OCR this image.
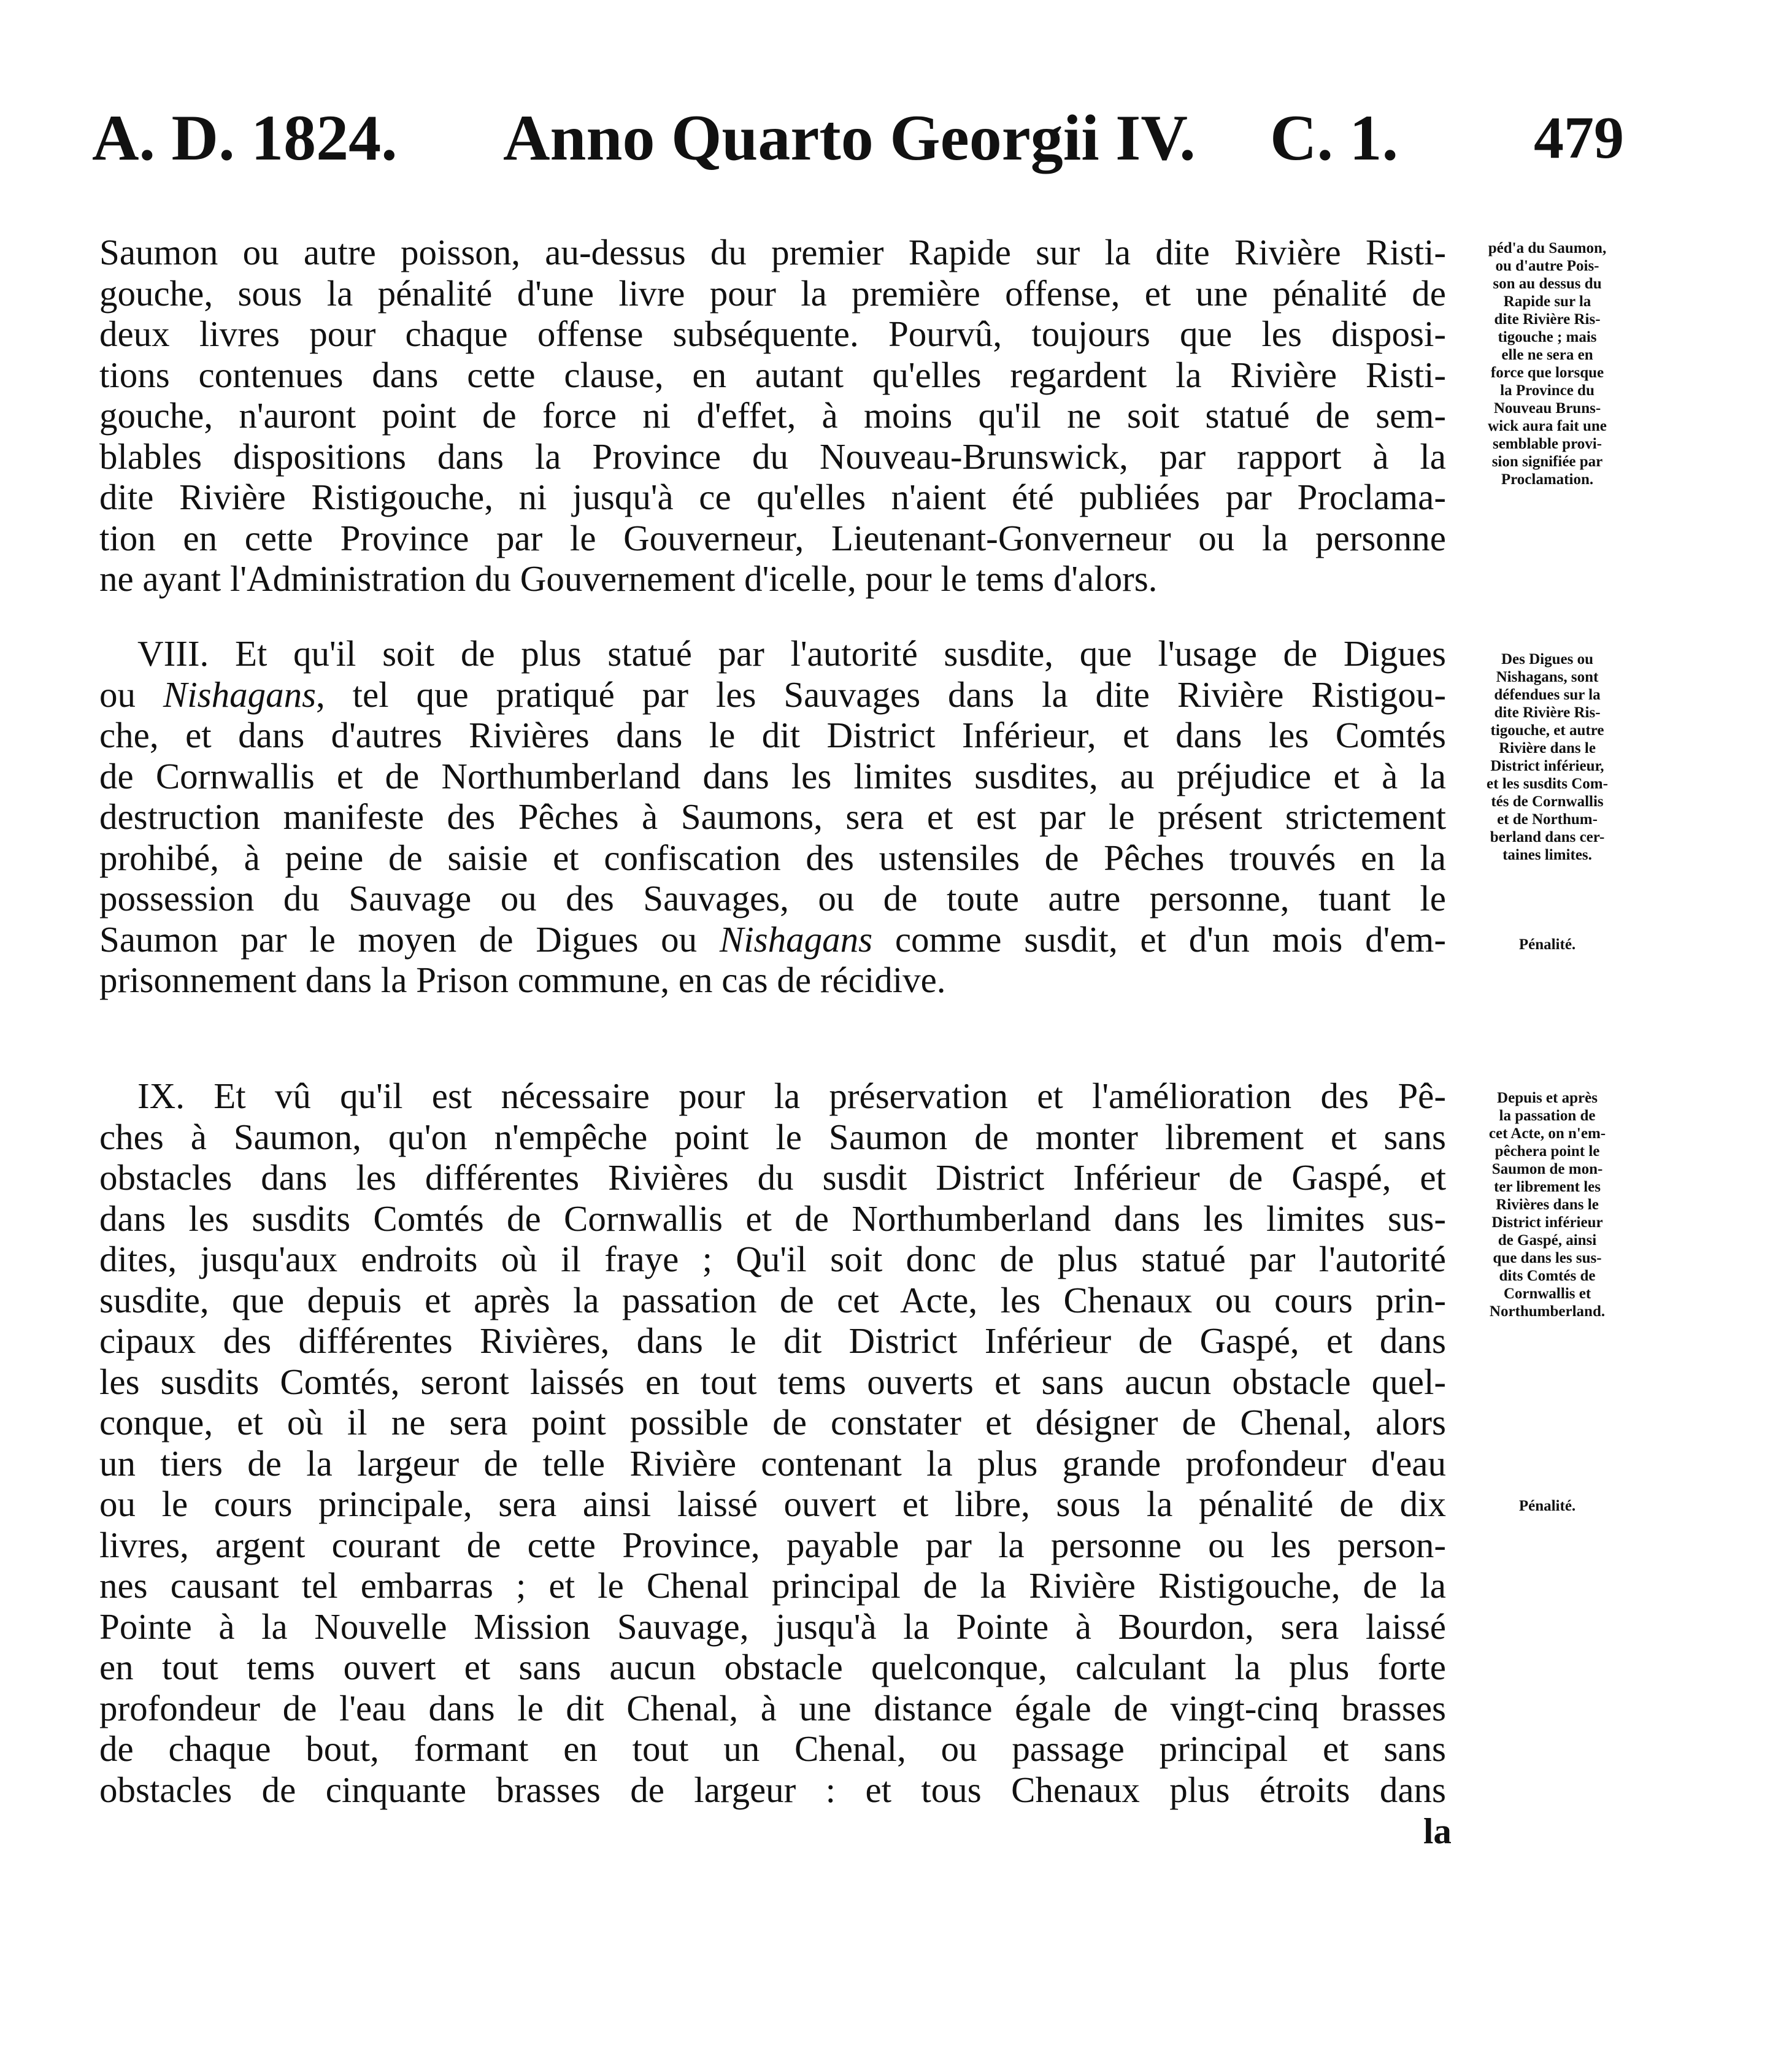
A. D. 1824. Anno Quarto Georgii IV. C. 1. 479
Saumon ou autre poisson, au-dessus du premier Rapide sur la dite Rivière Risti-
gouche, sous la pénalité d'une livre pour la première offense, et une pénalité de
deux livres pour chaque offense subséquente. Pourvû, toujours que les disposi-
tions contenues dans cette clause, en autant qu'elles regardent la Rivière Risti-
gouche, n'auront point de force ni d'effet, à moins qu'il ne soit statué de sem-
blables dispositions dans la Province du Nouveau-Brunswick, par rapport à la
dite Rivière Ristigouche, ni jusqu'à ce qu'elles n'aient été publiées par Proclama-
tion en cette Province par le Gouverneur, Lieutenant-Gonverneur ou la personne
ne ayant l'Administration du Gouvernement d'icelle, pour le tems d'alors.
VIII. Et qu'il soit de plus statué par l'autorité susdite, que l'usage de Digues
ou Nishagans, tel que pratiqué par les Sauvages dans la dite Rivière Ristigou-
che, et dans d'autres Rivières dans le dit District Inférieur, et dans les Comtés
de Cornwallis et de Northumberland dans les limites susdites, au préjudice et à la
destruction manifeste des Pêches à Saumons, sera et est par le présent strictement
prohibé, à peine de saisie et confiscation des ustensiles de Pêches trouvés en la
possession du Sauvage ou des Sauvages, ou de toute autre personne, tuant le
Saumon par le moyen de Digues ou Nishagans comme susdit, et d'un mois d'em-
prisonnement dans la Prison commune, en cas de récidive.
IX. Et vû qu'il est nécessaire pour la préservation et l'amélioration des Pê-
ches à Saumon, qu'on n'empêche point le Saumon de monter librement et sans
obstacles dans les différentes Rivières du susdit District Inférieur de Gaspé, et
dans les susdits Comtés de Cornwallis et de Northumberland dans les limites sus-
dites, jusqu'aux endroits où il fraye ; Qu'il soit donc de plus statué par l'autorité
susdite, que depuis et après la passation de cet Acte, les Chenaux ou cours prin-
cipaux des différentes Rivières, dans le dit District Inférieur de Gaspé, et dans
les susdits Comtés, seront laissés en tout tems ouverts et sans aucun obstacle quel-
conque, et où il ne sera point possible de constater et désigner de Chenal, alors
un tiers de la largeur de telle Rivière contenant la plus grande profondeur d'eau
ou le cours principale, sera ainsi laissé ouvert et libre, sous la pénalité de dix
livres, argent courant de cette Province, payable par la personne ou les person-
nes causant tel embarras ; et le Chenal principal de la Rivière Ristigouche, de la
Pointe à la Nouvelle Mission Sauvage, jusqu'à la Pointe à Bourdon, sera laissé
en tout tems ouvert et sans aucun obstacle quelconque, calculant la plus forte
profondeur de l'eau dans le dit Chenal, à une distance égale de vingt-cinq brasses
de chaque bout, formant en tout un Chenal, ou passage principal et sans
obstacles de cinquante brasses de largeur : et tous Chenaux plus étroits dans
la
péd'a du Saumon,
ou d'autre Pois-
son au dessus du
Rapide sur la
dite Rivière Ris-
tigouche ; mais
elle ne sera en
force que lorsque
la Province du
Nouveau Bruns-
wick aura fait une
semblable provi-
sion signifiée par
Proclamation.
Des Digues ou
Nishagans, sont
défendues sur la
dite Rivière Ris-
tigouche, et autre
Rivière dans le
District inférieur,
et les susdits Com-
tés de Cornwallis
et de Northum-
berland dans cer-
taines limites.
Pénalité.
Depuis et après
la passation de
cet Acte, on n'em-
pêchera point le
Saumon de mon-
ter librement les
Rivières dans le
District inférieur
de Gaspé, ainsi
que dans les sus-
dits Comtés de
Cornwallis et
Northumberland.
Pénalité.
